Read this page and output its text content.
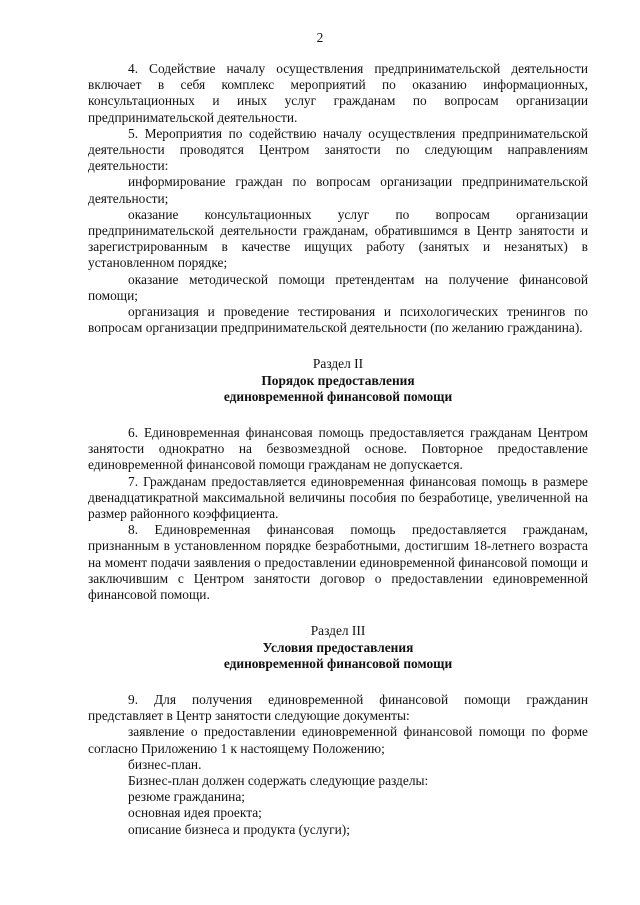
2

4. Содействие началу осуществления предпринимательской деятельности включает в себя комплекс мероприятий по оказанию информационных, консультационных и иных услуг гражданам по вопросам организации предпринимательской деятельности.

5. Мероприятия по содействию началу осуществления предпринимательской деятельности проводятся Центром занятости по следующим направлениям деятельности:

информирование граждан по вопросам организации предпринимательской деятельности;

оказание консультационных услуг по вопросам организации предпринимательской деятельности гражданам, обратившимся в Центр занятости и зарегистрированным в качестве ищущих работу (занятых и незанятых) в установленном порядке;

оказание методической помощи претендентам на получение финансовой помощи;

организация и проведение тестирования и психологических тренингов по вопросам организации предпринимательской деятельности (по желанию гражданина).

Раздел II
Порядок предоставления
единовременной финансовой помощи

6. Единовременная финансовая помощь предоставляется гражданам Центром занятости однократно на безвозмездной основе. Повторное предоставление единовременной финансовой помощи гражданам не допускается.

7. Гражданам предоставляется единовременная финансовая помощь в размере двенадцатикратной максимальной величины пособия по безработице, увеличенной на размер районного коэффициента.

8. Единовременная финансовая помощь предоставляется гражданам, признанным в установленном порядке безработными, достигшим 18-летнего возраста на момент подачи заявления о предоставлении единовременной финансовой помощи и заключившим с Центром занятости договор о предоставлении единовременной финансовой помощи.

Раздел III
Условия предоставления
единовременной финансовой помощи

9. Для получения единовременной финансовой помощи гражданин представляет в Центр занятости следующие документы:

заявление о предоставлении единовременной финансовой помощи по форме согласно Приложению 1 к настоящему Положению;

бизнес-план.

Бизнес-план должен содержать следующие разделы:

резюме гражданина;

основная идея проекта;

описание бизнеса и продукта (услуги);
